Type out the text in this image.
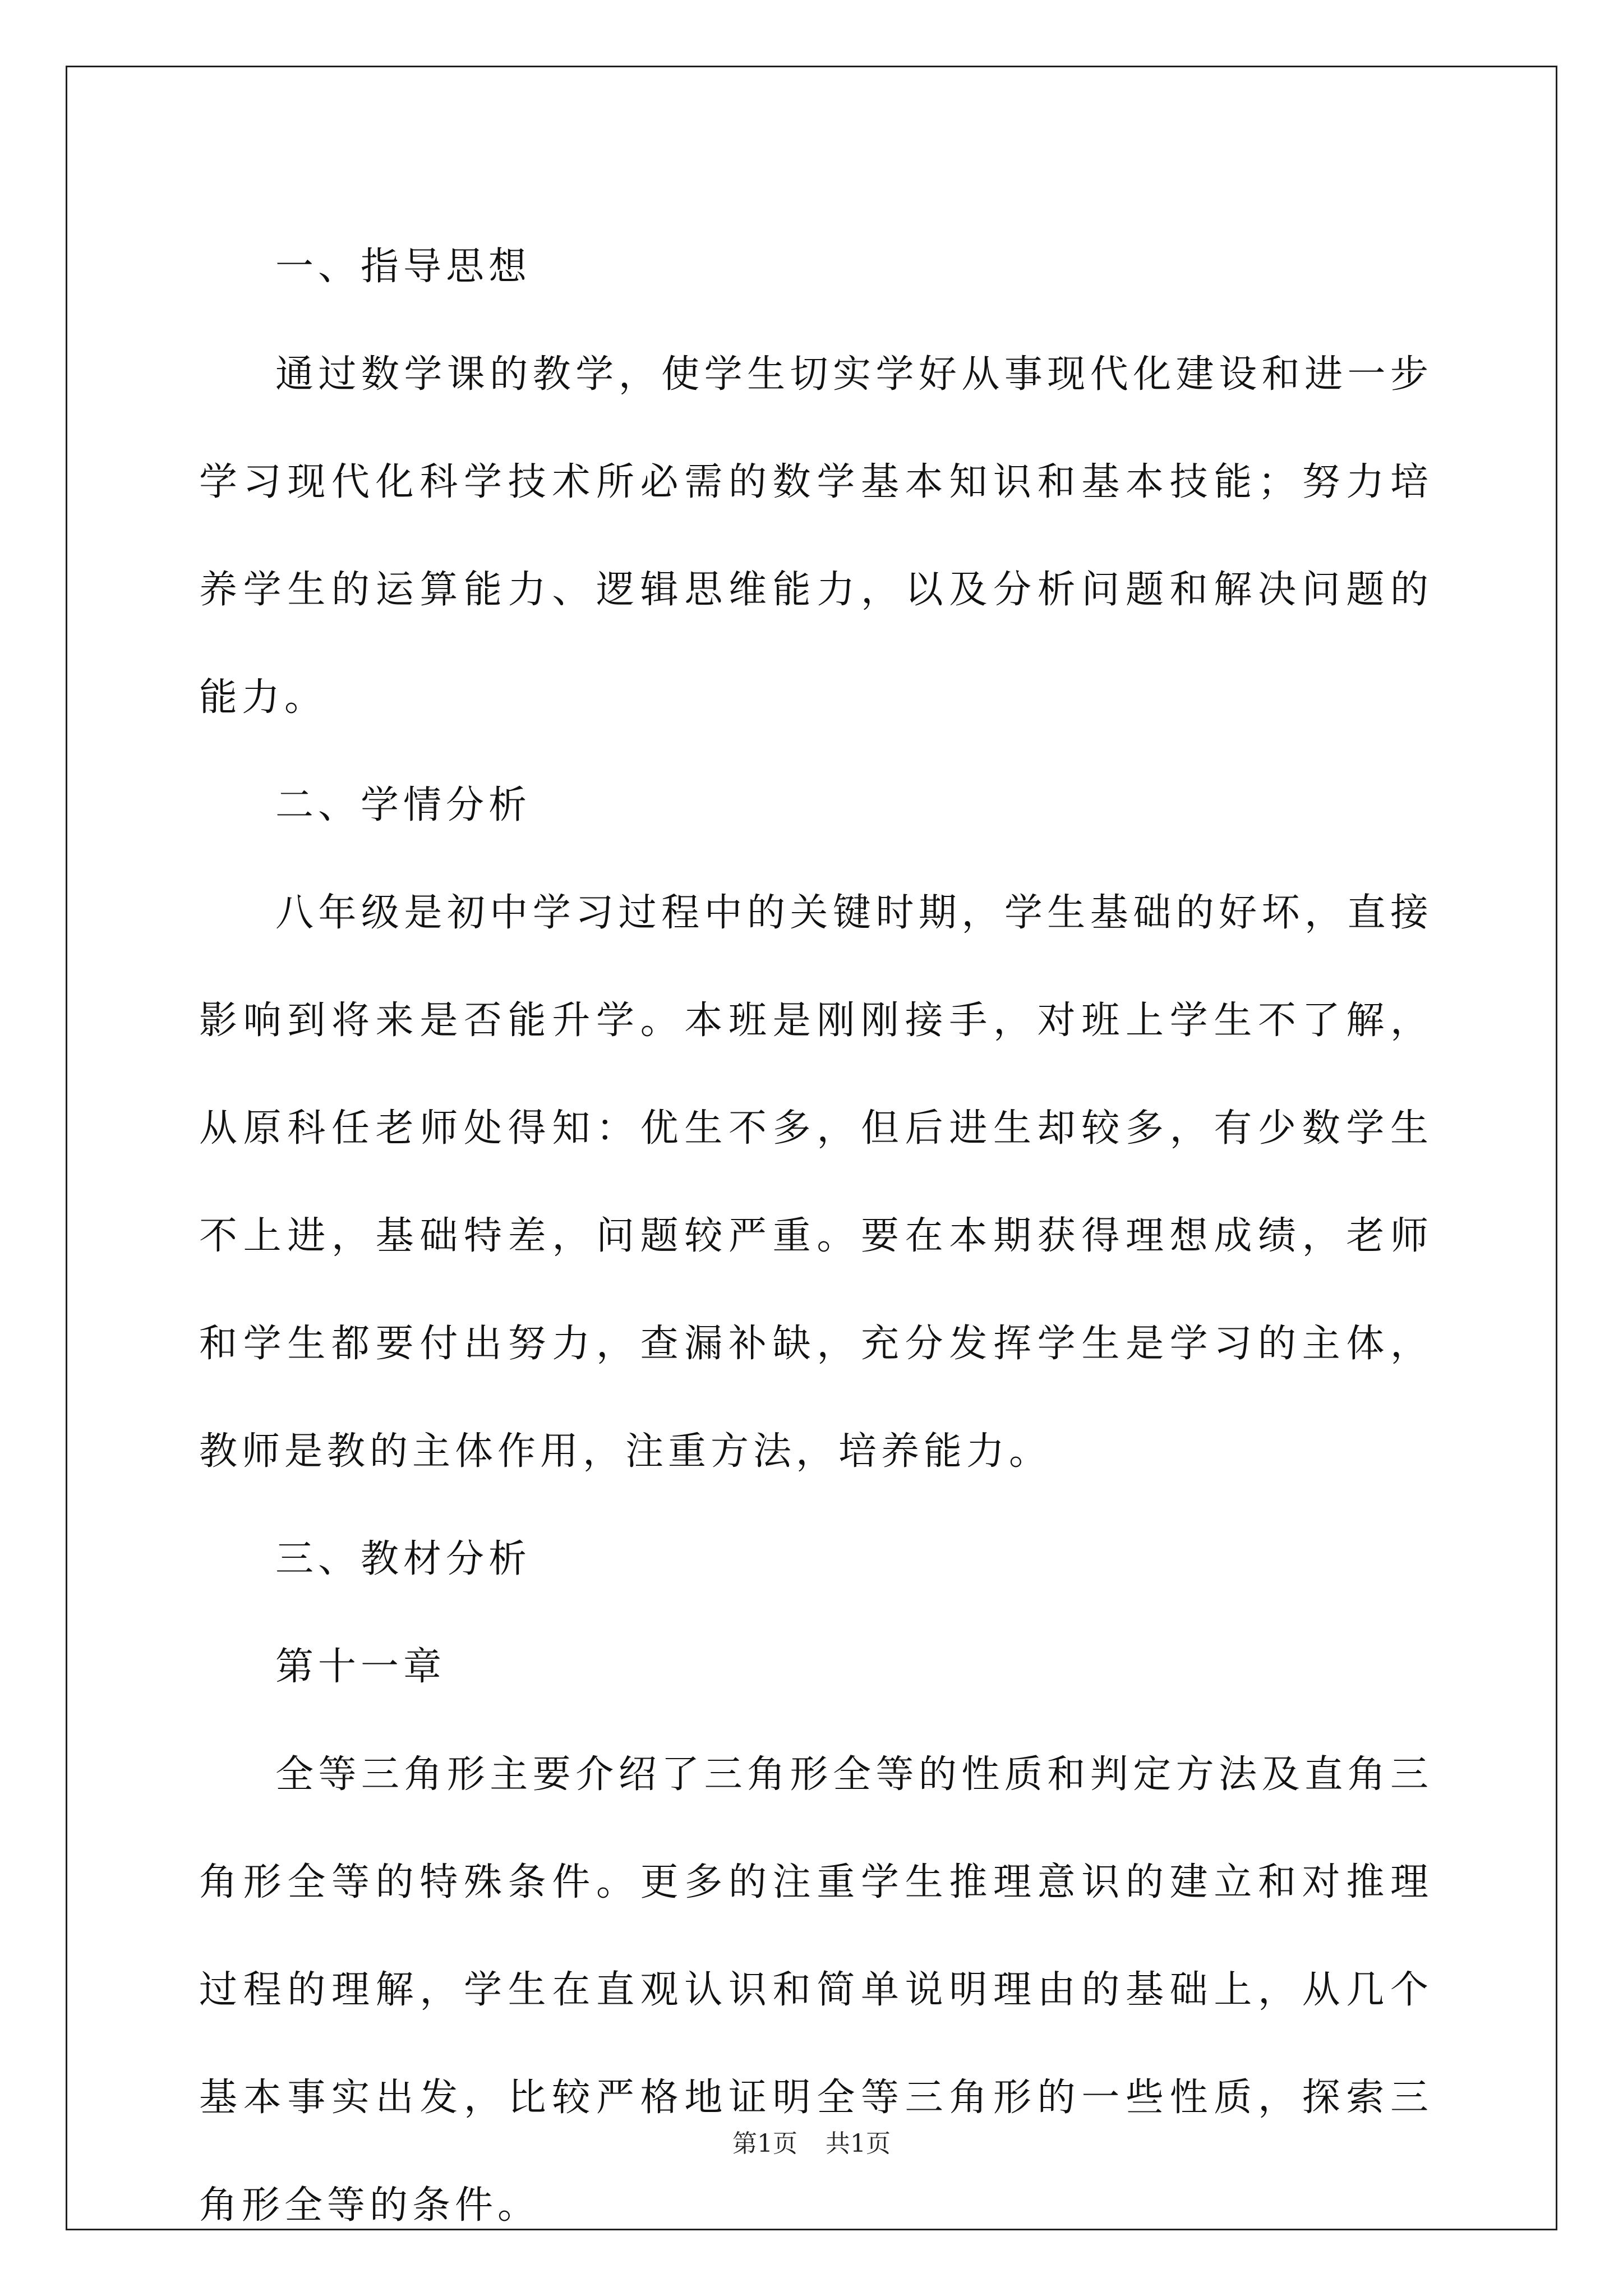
一、指导思想

通过数学课的教学，使学生切实学好从事现代化建设和进一步学习现代化科学技术所必需的数学基本知识和基本技能；努力培养学生的运算能力、逻辑思维能力，以及分析问题和解决问题的能力。

二、学情分析

八年级是初中学习过程中的关键时期，学生基础的好坏，直接影响到将来是否能升学。本班是刚刚接手，对班上学生不了解，从原科任老师处得知：优生不多，但后进生却较多，有少数学生不上进，基础特差，问题较严重。要在本期获得理想成绩，老师和学生都要付出努力，查漏补缺，充分发挥学生是学习的主体，教师是教的主体作用，注重方法，培养能力。

三、教材分析

第十一章

全等三角形主要介绍了三角形全等的性质和判定方法及直角三角形全等的特殊条件。更多的注重学生推理意识的建立和对推理过程的理解，学生在直观认识和简单说明理由的基础上，从几个基本事实出发，比较严格地证明全等三角形的一些性质，探索三角形全等的条件。

第1页 共1页
